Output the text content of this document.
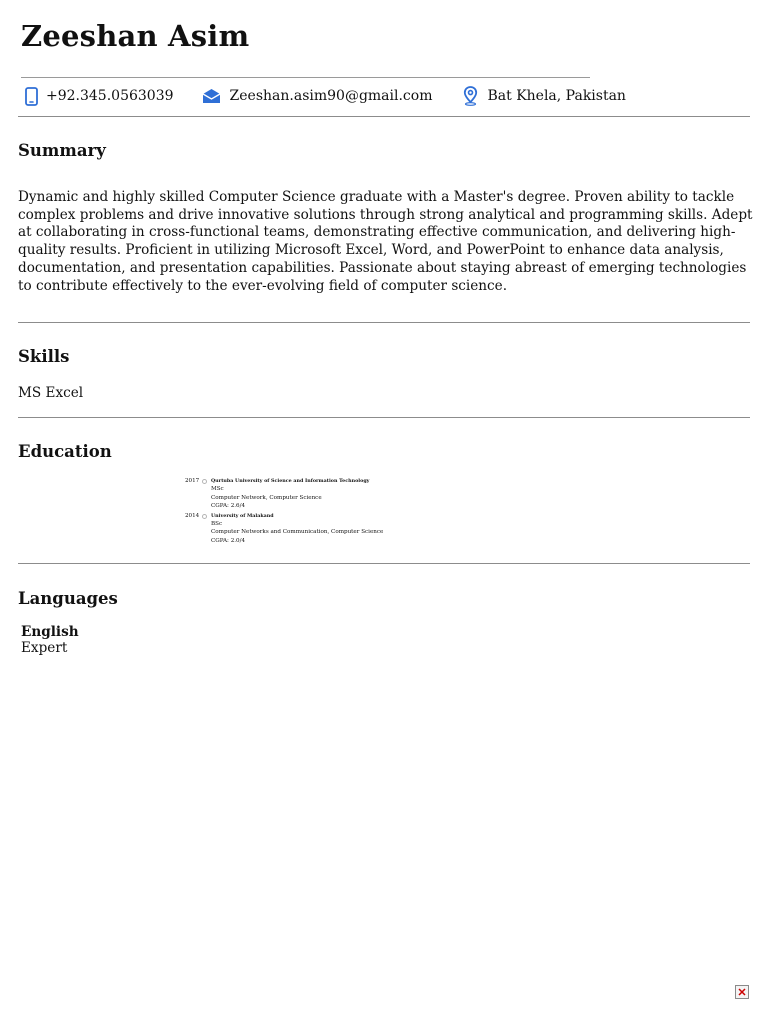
Zeeshan Asim
+92.345.0563039	Zeeshan.asim90@gmail.com	Bat Khela, Pakistan
Summary

Dynamic and highly skilled Computer Science graduate with a Master's degree. Proven ability to tackle complex problems and drive innovative solutions through strong analytical and programming skills. Adept at collaborating in cross-functional teams, demonstrating effective communication, and delivering high-quality results. Proficient in utilizing Microsoft Excel, Word, and PowerPoint to enhance data analysis, documentation, and presentation capabilities. Passionate about staying abreast of emerging technologies to contribute effectively to the ever-evolving field of computer science.

Skills
MS Excel
Education
2017 Qurtuba University of Science and Information Technology
MSc
Computer Network, Computer Science
CGPA: 2.6/4
2014 University of Malakand
BSc
Computer Networks and Communication, Computer Science
CGPA: 2.0/4
Languages
English
Expert
